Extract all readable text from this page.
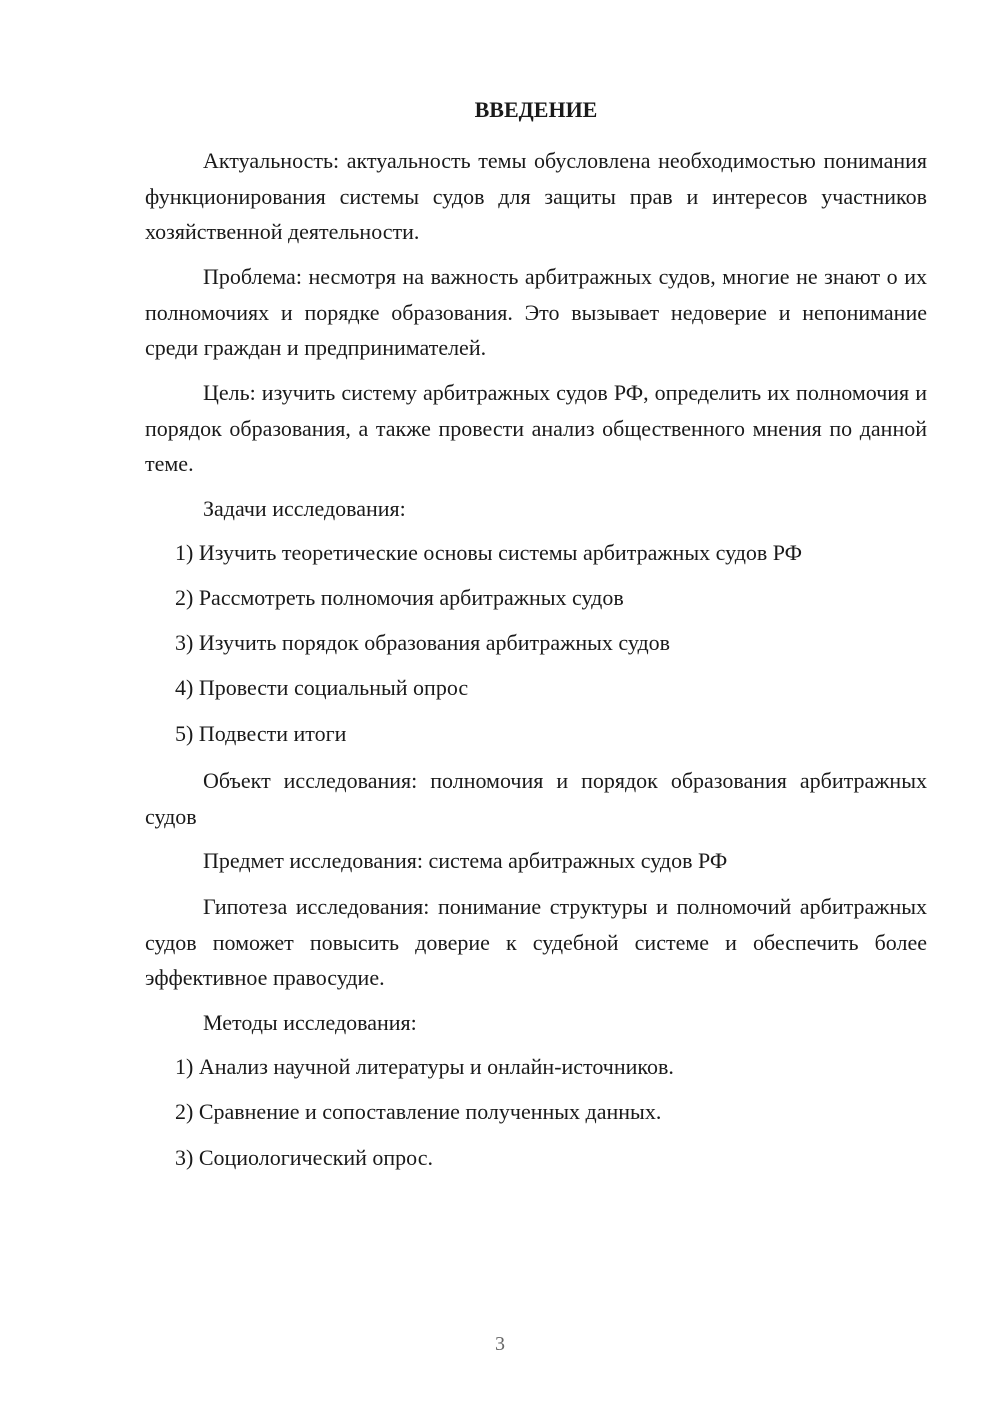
ВВЕДЕНИЕ

Актуальность: актуальность темы обусловлена необходимостью понимания функционирования системы судов для защиты прав и интересов участников хозяйственной деятельности.

Проблема: несмотря на важность арбитражных судов, многие не знают о их полномочиях и порядке образования. Это вызывает недоверие и непонимание среди граждан и предпринимателей.

Цель: изучить систему арбитражных судов РФ, определить их полномочия и порядок образования, а также провести анализ общественного мнения по данной теме.

Задачи исследования:

1) Изучить теоретические основы системы арбитражных судов РФ

2) Рассмотреть полномочия арбитражных судов

3) Изучить порядок образования арбитражных судов

4) Провести социальный опрос

5) Подвести итоги

Объект исследования: полномочия и порядок образования арбитражных судов

Предмет исследования: система арбитражных судов РФ

Гипотеза исследования: понимание структуры и полномочий арбитражных судов поможет повысить доверие к судебной системе и обеспечить более эффективное правосудие.

Методы исследования:

1) Анализ научной литературы и онлайн-источников.

2) Сравнение и сопоставление полученных данных.

3) Социологический опрос.

3
